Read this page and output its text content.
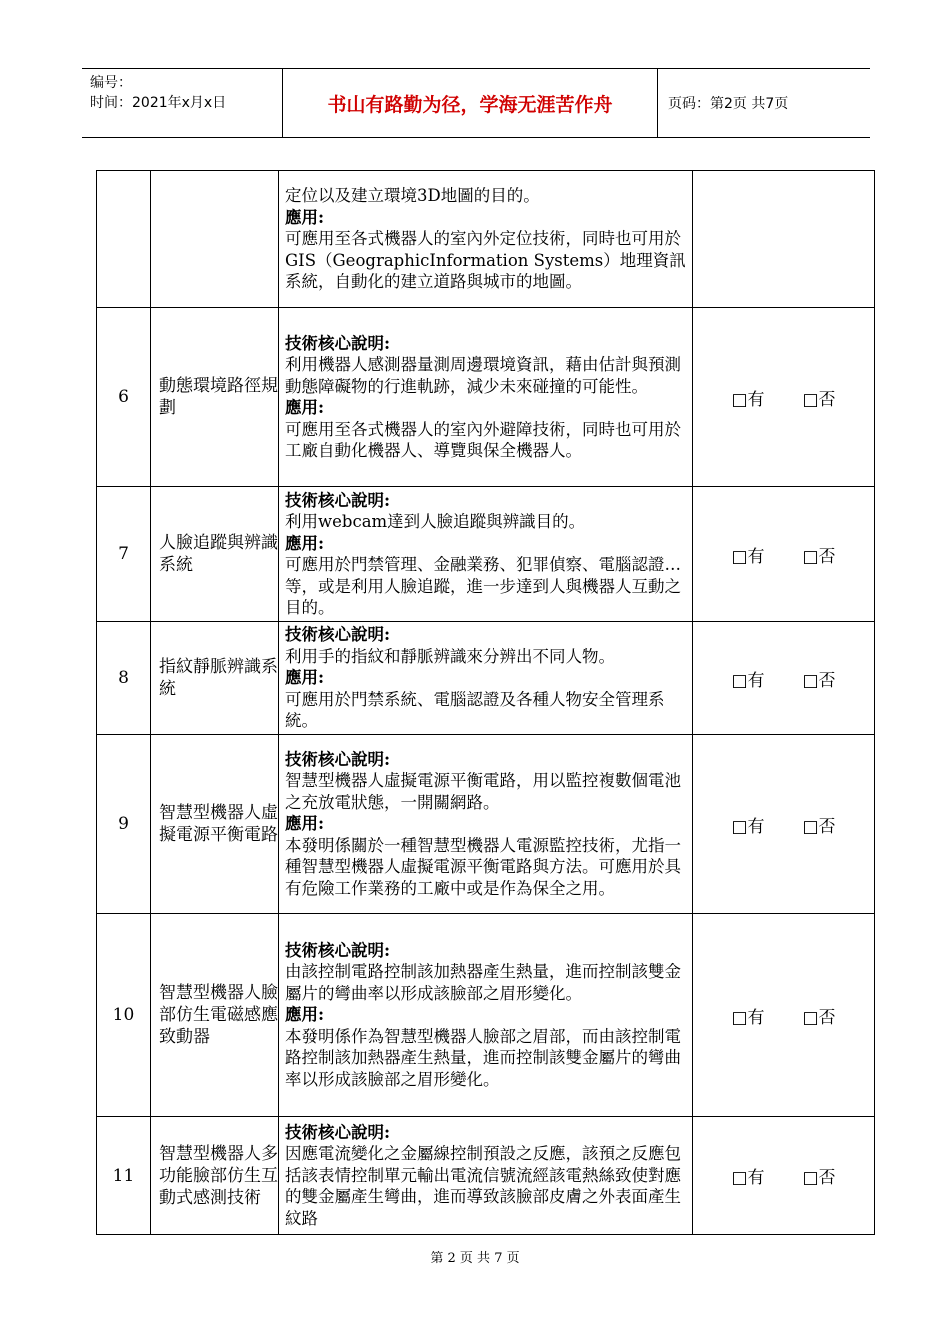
编号：
时间：2021年x月x日	书山有路勤为径，学海无涯苦作舟	页码：第2页 共7页

		定位以及建立環境3D地圖的目的。
應用:
可應用至各式機器人的室內外定位技術，同時也可用於GIS（GeographicInformation Systems）地理資訊系統，自動化的建立道路與城市的地圖。	

6	動態環境路徑規劃	技術核心說明:
利用機器人感測器量測周邊環境資訊，藉由估計與預測動態障礙物的行進軌跡，減少未來碰撞的可能性。
應用:
可應用至各式機器人的室內外避障技術，同時也可用於工廠自動化機器人、導覽與保全機器人。	□有 □否
7	人臉追蹤與辨識系統	技術核心說明:
利用webcam達到人臉追蹤與辨識目的。
應用:
可應用於門禁管理、金融業務、犯罪偵察、電腦認證…等，或是利用人臉追蹤，進一步達到人與機器人互動之目的。	□有 □否
8	指紋靜脈辨識系統	技術核心說明:
利用手的指紋和靜脈辨識來分辨出不同人物。
應用:
可應用於門禁系統、電腦認證及各種人物安全管理系統。	□有 □否
9	智慧型機器人虛擬電源平衡電路	技術核心說明:
智慧型機器人虛擬電源平衡電路，用以監控複數個電池之充放電狀態，一開關網路。
應用:
本發明係關於一種智慧型機器人電源監控技術，尤指一種智慧型機器人虛擬電源平衡電路與方法。可應用於具有危險工作業務的工廠中或是作為保全之用。	□有 □否
10	智慧型機器人臉部仿生電磁感應致動器	技術核心說明:
由該控制電路控制該加熱器產生熱量，進而控制該雙金屬片的彎曲率以形成該臉部之眉形變化。
應用:
本發明係作為智慧型機器人臉部之眉部，而由該控制電路控制該加熱器產生熱量，進而控制該雙金屬片的彎曲率以形成該臉部之眉形變化。	□有 □否
11	智慧型機器人多功能臉部仿生互動式感測技術	技術核心說明:
因應電流變化之金屬線控制預設之反應，該預之反應包括該表情控制單元輸出電流信號流經該電熱絲致使對應的雙金屬產生彎曲，進而導致該臉部皮膚之外表面產生紋路	□有 □否
第 2 页 共 7 页
